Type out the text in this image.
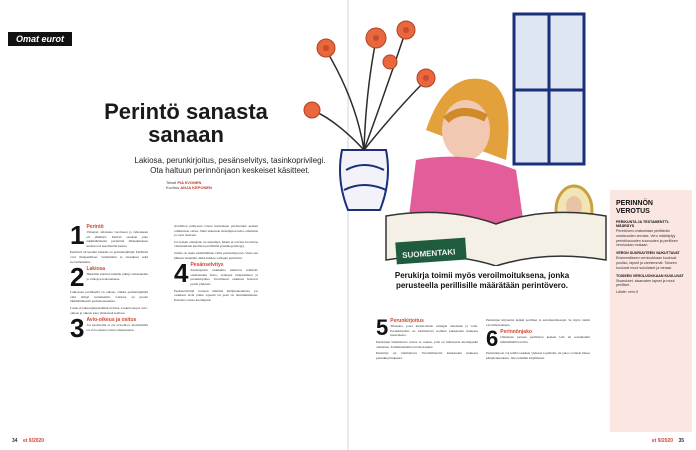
Omat eurot
Perintö sanasta sanaan
Lakiosa, perunkirjoitus, pesänselvitys, tasinkoprivilegi. Ota haltuun perinnönjaon keskeiset käsitteet.
Teksti PIA IIVONEN
Kuvitus ANJA KEPONEN
1 Perintö
Vainajan omaisuus varoineen ja velkoineen eli jäämistö. Perintö saadaan joko lakimääräisenä perintönä lähisukulaisen kuoltua tai testamentin kautta.

Perittävä eli kuollut henkilö on perinnönjättäjä. Perillisiä ovat rintaperilliset, vanhemmat ja sisarukset sekä isovanhemmat.

2 Lakiosa
Henkilön kuoltua hänelle jäänyt omaisuuden ja velkojen kokonaisuus.

Lakiosaan perillisellä on oikeus, vaikka perinnönjättäjä olisi tehnyt testamentin. Lakiosa on puolet lakimääräisestä perintöosuudesta.

Lesen ei lakiosajärjestelmää tarvitse. Leskeä suojaa avio-oikeus ja oikeus asua yhteisessä kodissa.

3 Avio-oikeus ja ositus
Jos puolisoilla ei ole avioehtoa, molemmilla on avio-oikeus toisen omaisuuteen.

Avioliiton päätyessä toisen kuolemaan puolisoiden kesken toimitetaan ositus. Siinä lasketaan molempien netto-omaisuus ja varat tasataan.

Jos lesken omaisuus on suurempi, hänen ei tarvitse luovuttaa omaisuuttaan kuolleen perillisille (tasinkoprivilegi).

Ositus on usein ensimmäinen vaihe perinnönjaossa. Vasta sen jälkeen tiedetään, mikä kuuluu vainajan perintöön.

4 Pesänselvitys
Kuolinpesän osakkaille kuuluvat tehtävät: omaisuuden hoito, velkojen maksaminen ja perunkirjoitus. Tavallisesti osakkaat hoitavat pesän yhdessä.

Pesänselvittäjä voidaan määrätä käräjäoikeudesta, jos osakkaat eivät pääse sopuun tai pesä on monimutkainen. Kuluista vastaa kuolinpesä.

34 et 9/2020
SUOMENTAKI
Perukirja toimii myös veroilmoituksena, jonka perusteella perillisille määrätään perintövero.
5 Perunkirjoitus
Tilaisuus, jossa luetteloidaan vainajan omaisuus ja velat. Perunkirjoitus on toimitettava kolmen kuukauden kuluessa kuolemasta.

Perukirjan laatimisesta vastaa se osakas, jolla on hallussaan kuolinpesän omaisuus. Toimitusmiehiä tarvitaan kaksi.

Perukirja on toimitettava Verohallinnolle kuukauden kuluessa perunkirjoituksesta.

Perukirjan kirjaamat kaikki perilliset ja testamentinsaajat. Se myös toimii veroilmoituksena.

6 Perinnönjako
Omaisuus jaetaan perillisten kesken lain tai testamentin määräämällä tavalla.

Perinnönjaon voi tehdä osakkaat yhdessä sopimalla, tai jakoa voidaan hakea käräjäoikeudesta. Jako tehdään kirjallisesti.

PERINNÖN VEROTUS
PERIKUNTA JA TESTAMENTTI-MÄÄRÄYS

Perintövero maksetaan perittävän omaisuuden arvosta. Vero määräytyy perintöosuuden suuruuden ja perillisen veroluokan mukaan.

VERON SUURUUTEEN VAIKUTTAVAT

Ensimmäiseen veroluokkaan kuuluvat puoliso, lapset ja vanhemmat. Toiseen kuuluvat muut sukulaiset ja vieraat.

TOISEEN VEROLUOKKAAN KUULUVAT

Sisarukset, sisarusten lapset ja muut perilliset.

Lähde: vero.fi

et 9/2020 35
